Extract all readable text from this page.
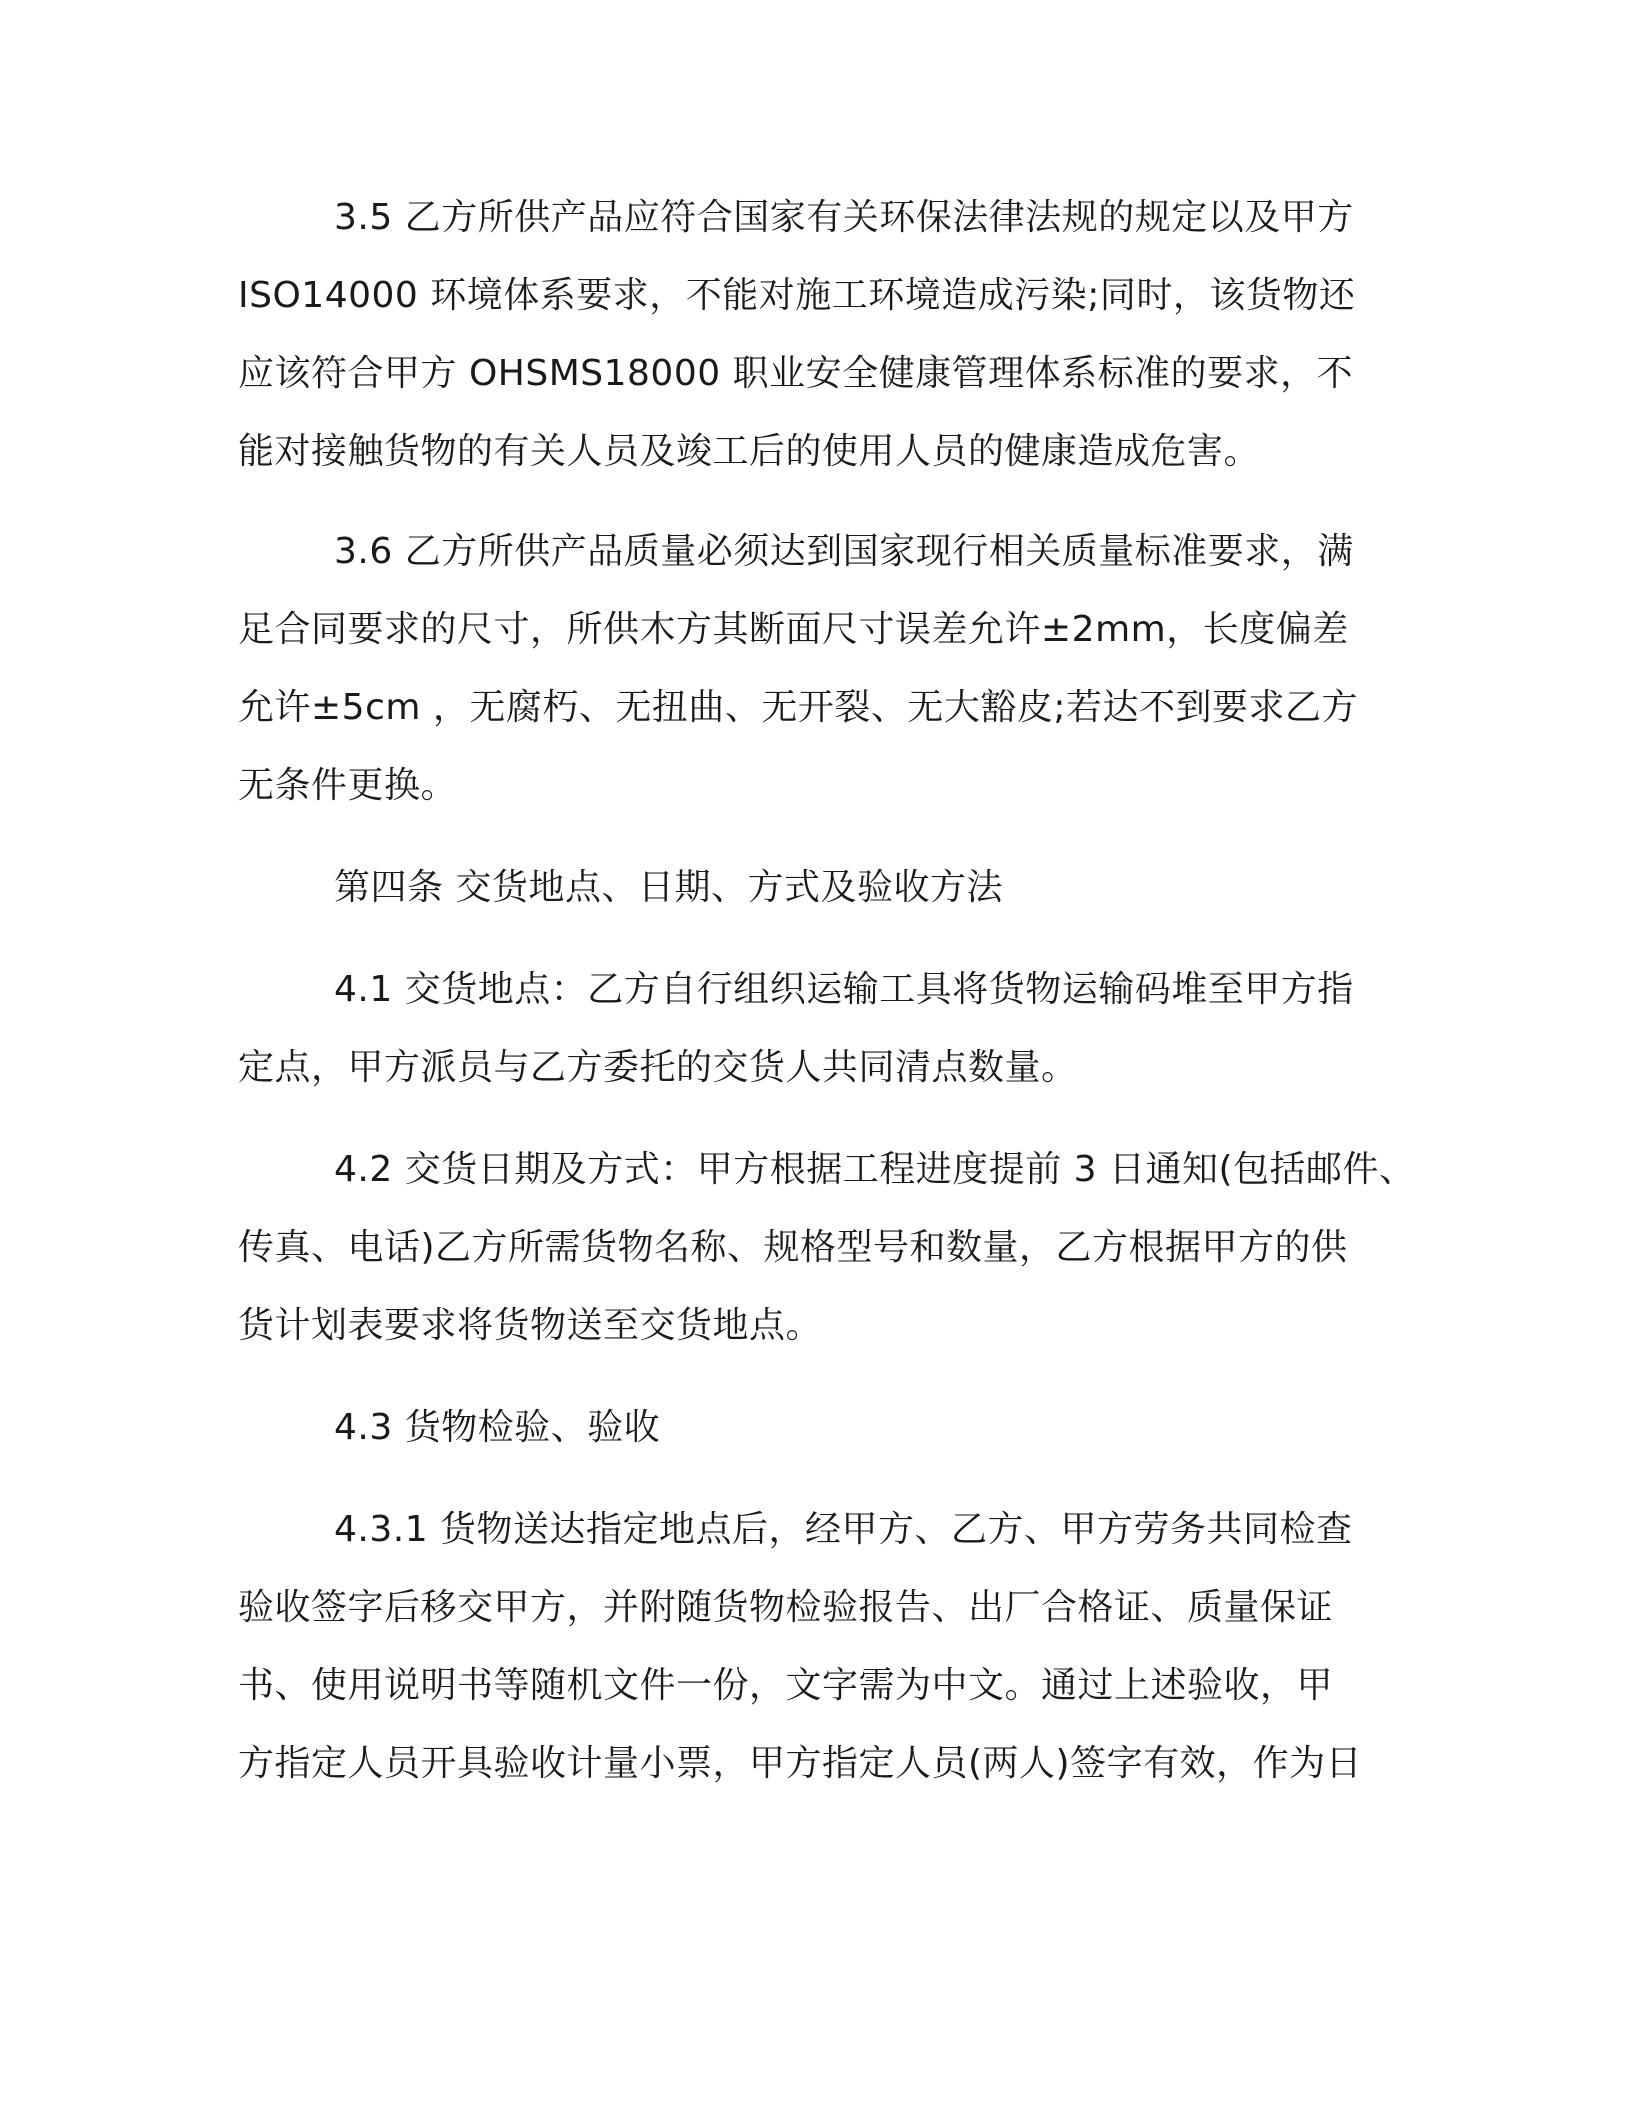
3.5 乙方所供产品应符合国家有关环保法律法规的规定以及甲方
ISO14000 环境体系要求，不能对施工环境造成污染;同时，该货物还
应该符合甲方 OHSMS18000 职业安全健康管理体系标准的要求，不
能对接触货物的有关人员及竣工后的使用人员的健康造成危害。
3.6 乙方所供产品质量必须达到国家现行相关质量标准要求，满
足合同要求的尺寸，所供木方其断面尺寸误差允许±2mm，长度偏差
允许±5cm ，无腐朽、无扭曲、无开裂、无大豁皮;若达不到要求乙方
无条件更换。
第四条 交货地点、日期、方式及验收方法
4.1 交货地点：乙方自行组织运输工具将货物运输码堆至甲方指
定点，甲方派员与乙方委托的交货人共同清点数量。
4.2 交货日期及方式：甲方根据工程进度提前 3 日通知(包括邮件、
传真、电话)乙方所需货物名称、规格型号和数量，乙方根据甲方的供
货计划表要求将货物送至交货地点。
4.3 货物检验、验收
4.3.1 货物送达指定地点后，经甲方、乙方、甲方劳务共同检查
验收签字后移交甲方，并附随货物检验报告、出厂合格证、质量保证
书、使用说明书等随机文件一份，文字需为中文。通过上述验收，甲
方指定人员开具验收计量小票，甲方指定人员(两人)签字有效，作为日
